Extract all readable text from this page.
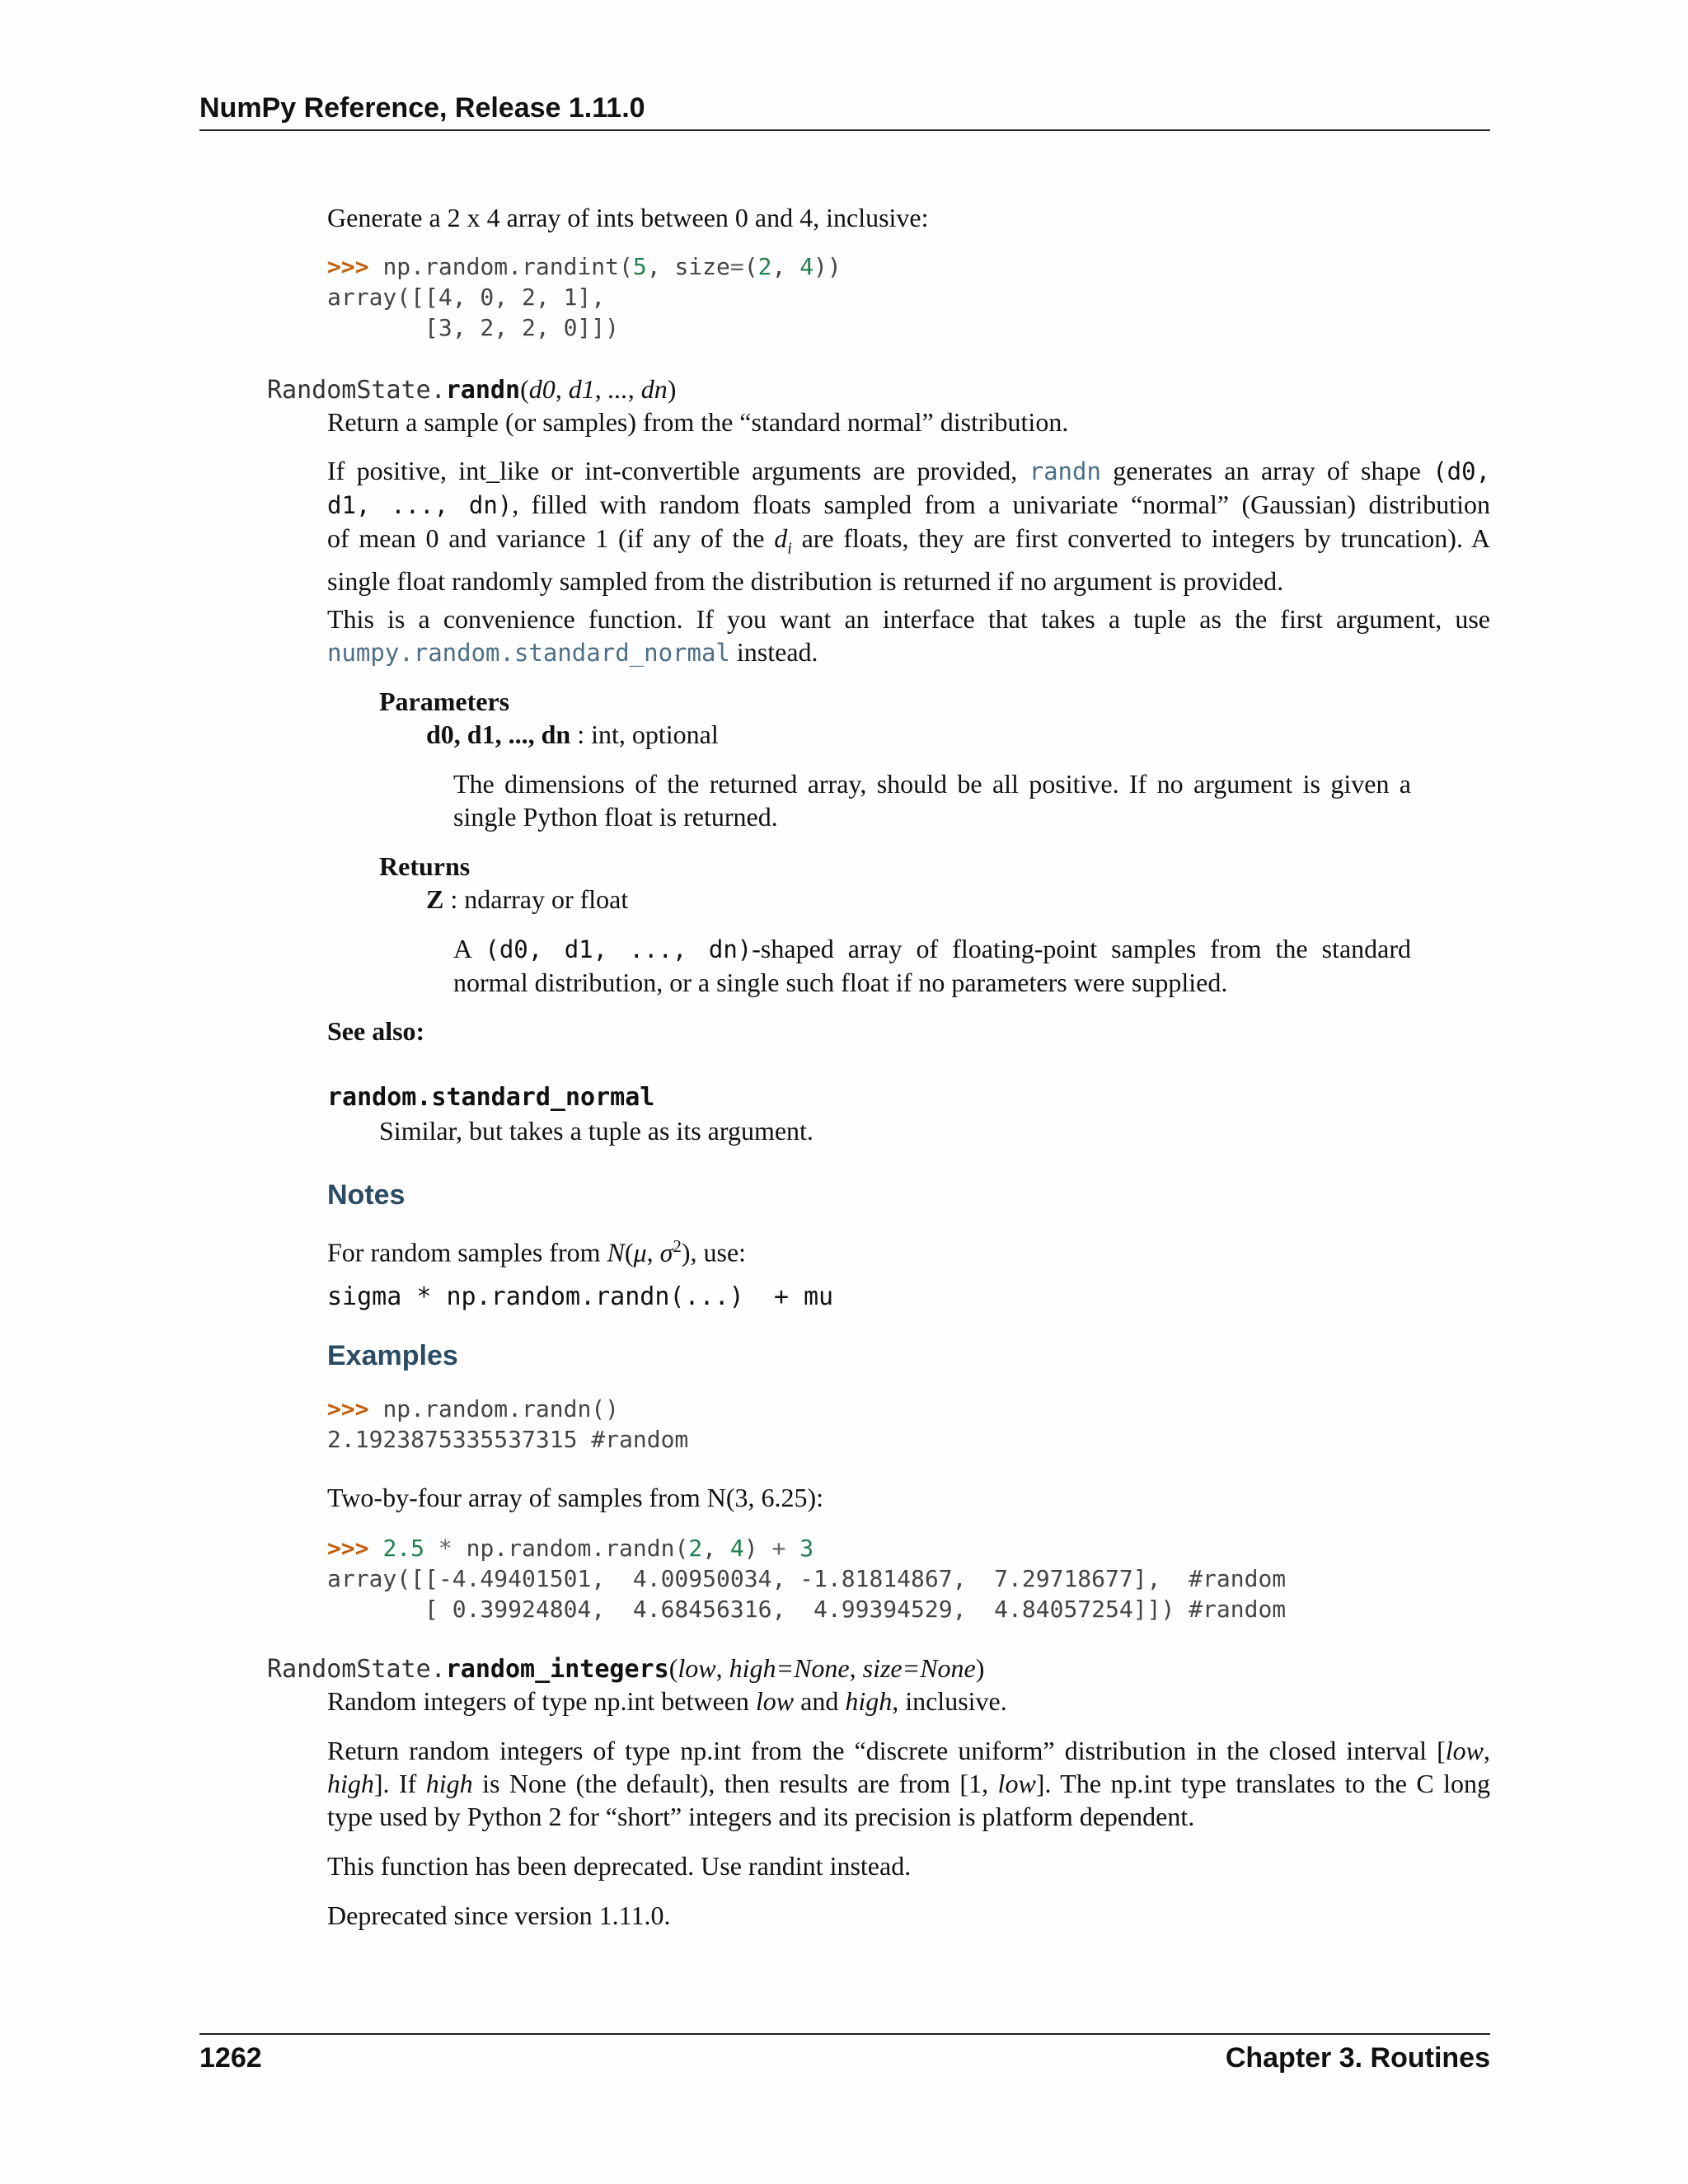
NumPy Reference, Release 1.11.0

Generate a 2 x 4 array of ints between 0 and 4, inclusive:

>>> np.random.randint(5, size=(2, 4))
array([[4, 0, 2, 1],
[3, 2, 2, 0]])
RandomState.randn(d0, d1, ..., dn)

Return a sample (or samples) from the “standard normal” distribution.

If positive, int_like or int-convertible arguments are provided, randn generates an array of shape (d0,

d1, ..., dn), filled with random floats sampled from a univariate “normal” (Gaussian) distribution

of mean 0 and variance 1 (if any of the $d_i$ are floats, they are first converted to integers by truncation). A

single float randomly sampled from the distribution is returned if no argument is provided.

This is a convenience function. If you want an interface that takes a tuple as the first argument, use

numpy.random.standard_normal instead.

Parameters
d0, d1, ..., dn : int, optional

The dimensions of the returned array, should be all positive. If no argument is given a

single Python float is returned.

Returns
Z : ndarray or float

A (d0, d1, ..., dn)-shaped array of floating-point samples from the standard

normal distribution, or a single such float if no parameters were supplied.

See also:
random.standard_normal
Similar, but takes a tuple as its argument.
Notes
For random samples from N(μ, $\sigma^2$), use:
sigma * np.random.randn(...)  + mu
Examples
>>> np.random.randn()
2.1923875335537315 #random

Two-by-four array of samples from N(3, 6.25):

>>> 2.5 * np.random.randn(2, 4) + 3
array([[-4.49401501,  4.00950034, -1.81814867,  7.29718677],  #random
[ 0.39924804,  4.68456316,  4.99394529,  4.84057254]]) #random
RandomState.random_integers(low, high=None, size=None)

Random integers of type np.int between low and high, inclusive.

Return random integers of type np.int from the “discrete uniform” distribution in the closed interval [low,

high]. If high is None (the default), then results are from [1, low]. The np.int type translates to the C long

type used by Python 2 for “short” integers and its precision is platform dependent.

This function has been deprecated. Use randint instead.

Deprecated since version 1.11.0.

1262	Chapter 3. Routines
